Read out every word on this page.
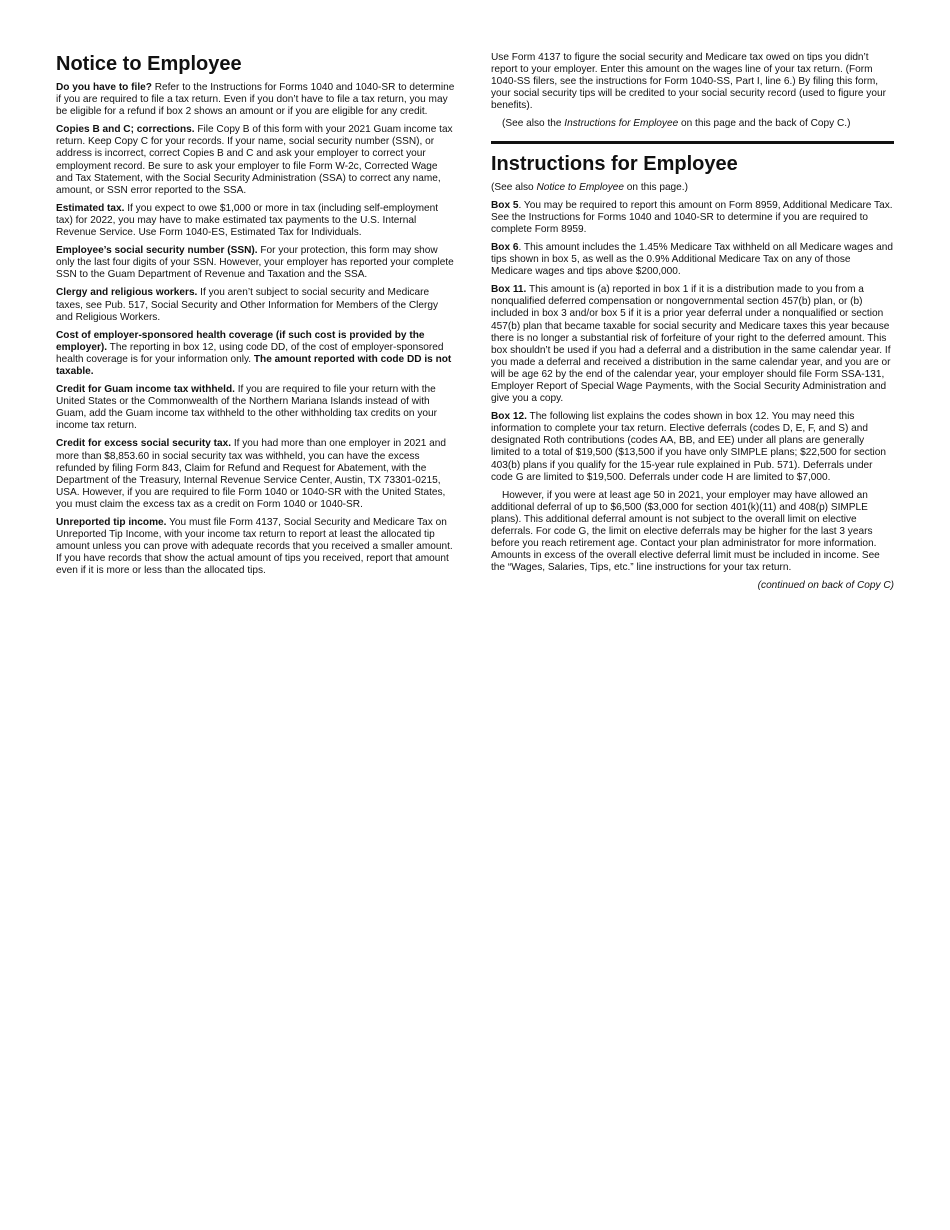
Notice to Employee

Do you have to file? Refer to the Instructions for Forms 1040 and 1040-SR to determine if you are required to file a tax return. Even if you don’t have to file a tax return, you may be eligible for a refund if box 2 shows an amount or if you are eligible for any credit.

Copies B and C; corrections. File Copy B of this form with your 2021 Guam income tax return. Keep Copy C for your records. If your name, social security number (SSN), or address is incorrect, correct Copies B and C and ask your employer to correct your employment record. Be sure to ask your employer to file Form W-2c, Corrected Wage and Tax Statement, with the Social Security Administration (SSA) to correct any name, amount, or SSN error reported to the SSA.

Estimated tax. If you expect to owe $1,000 or more in tax (including self-employment tax) for 2022, you may have to make estimated tax payments to the U.S. Internal Revenue Service. Use Form 1040-ES, Estimated Tax for Individuals.

Employee’s social security number (SSN). For your protection, this form may show only the last four digits of your SSN. However, your employer has reported your complete SSN to the Guam Department of Revenue and Taxation and the SSA.

Clergy and religious workers. If you aren’t subject to social security and Medicare taxes, see Pub. 517, Social Security and Other Information for Members of the Clergy and Religious Workers.

Cost of employer-sponsored health coverage (if such cost is provided by the employer). The reporting in box 12, using code DD, of the cost of employer-sponsored health coverage is for your information only. The amount reported with code DD is not taxable.

Credit for Guam income tax withheld. If you are required to file your return with the United States or the Commonwealth of the Northern Mariana Islands instead of with Guam, add the Guam income tax withheld to the other withholding tax credits on your income tax return.

Credit for excess social security tax. If you had more than one employer in 2021 and more than $8,853.60 in social security tax was withheld, you can have the excess refunded by filing Form 843, Claim for Refund and Request for Abatement, with the Department of the Treasury, Internal Revenue Service Center, Austin, TX 73301-0215, USA. However, if you are required to file Form 1040 or 1040-SR with the United States, you must claim the excess tax as a credit on Form 1040 or 1040-SR.

Unreported tip income. You must file Form 4137, Social Security and Medicare Tax on Unreported Tip Income, with your income tax return to report at least the allocated tip amount unless you can prove with adequate records that you received a smaller amount. If you have records that show the actual amount of tips you received, report that amount even if it is more or less than the allocated tips.

Use Form 4137 to figure the social security and Medicare tax owed on tips you didn’t report to your employer. Enter this amount on the wages line of your tax return. (Form 1040-SS filers, see the instructions for Form 1040-SS, Part I, line 6.) By filing this form, your social security tips will be credited to your social security record (used to figure your benefits).

(See also the Instructions for Employee on this page and the back of Copy C.)

Instructions for Employee

(See also Notice to Employee on this page.)

Box 5. You may be required to report this amount on Form 8959, Additional Medicare Tax. See the Instructions for Forms 1040 and 1040-SR to determine if you are required to complete Form 8959.

Box 6. This amount includes the 1.45% Medicare Tax withheld on all Medicare wages and tips shown in box 5, as well as the 0.9% Additional Medicare Tax on any of those Medicare wages and tips above $200,000.

Box 11. This amount is (a) reported in box 1 if it is a distribution made to you from a nonqualified deferred compensation or nongovernmental section 457(b) plan, or (b) included in box 3 and/or box 5 if it is a prior year deferral under a nonqualified or section 457(b) plan that became taxable for social security and Medicare taxes this year because there is no longer a substantial risk of forfeiture of your right to the deferred amount. This box shouldn’t be used if you had a deferral and a distribution in the same calendar year. If you made a deferral and received a distribution in the same calendar year, and you are or will be age 62 by the end of the calendar year, your employer should file Form SSA-131, Employer Report of Special Wage Payments, with the Social Security Administration and give you a copy.

Box 12. The following list explains the codes shown in box 12. You may need this information to complete your tax return. Elective deferrals (codes D, E, F, and S) and designated Roth contributions (codes AA, BB, and EE) under all plans are generally limited to a total of $19,500 ($13,500 if you have only SIMPLE plans; $22,500 for section 403(b) plans if you qualify for the 15-year rule explained in Pub. 571). Deferrals under code G are limited to $19,500. Deferrals under code H are limited to $7,000.

However, if you were at least age 50 in 2021, your employer may have allowed an additional deferral of up to $6,500 ($3,000 for section 401(k)(11) and 408(p) SIMPLE plans). This additional deferral amount is not subject to the overall limit on elective deferrals. For code G, the limit on elective deferrals may be higher for the last 3 years before you reach retirement age. Contact your plan administrator for more information. Amounts in excess of the overall elective deferral limit must be included in income. See the “Wages, Salaries, Tips, etc.” line instructions for your tax return.

(continued on back of Copy C)
